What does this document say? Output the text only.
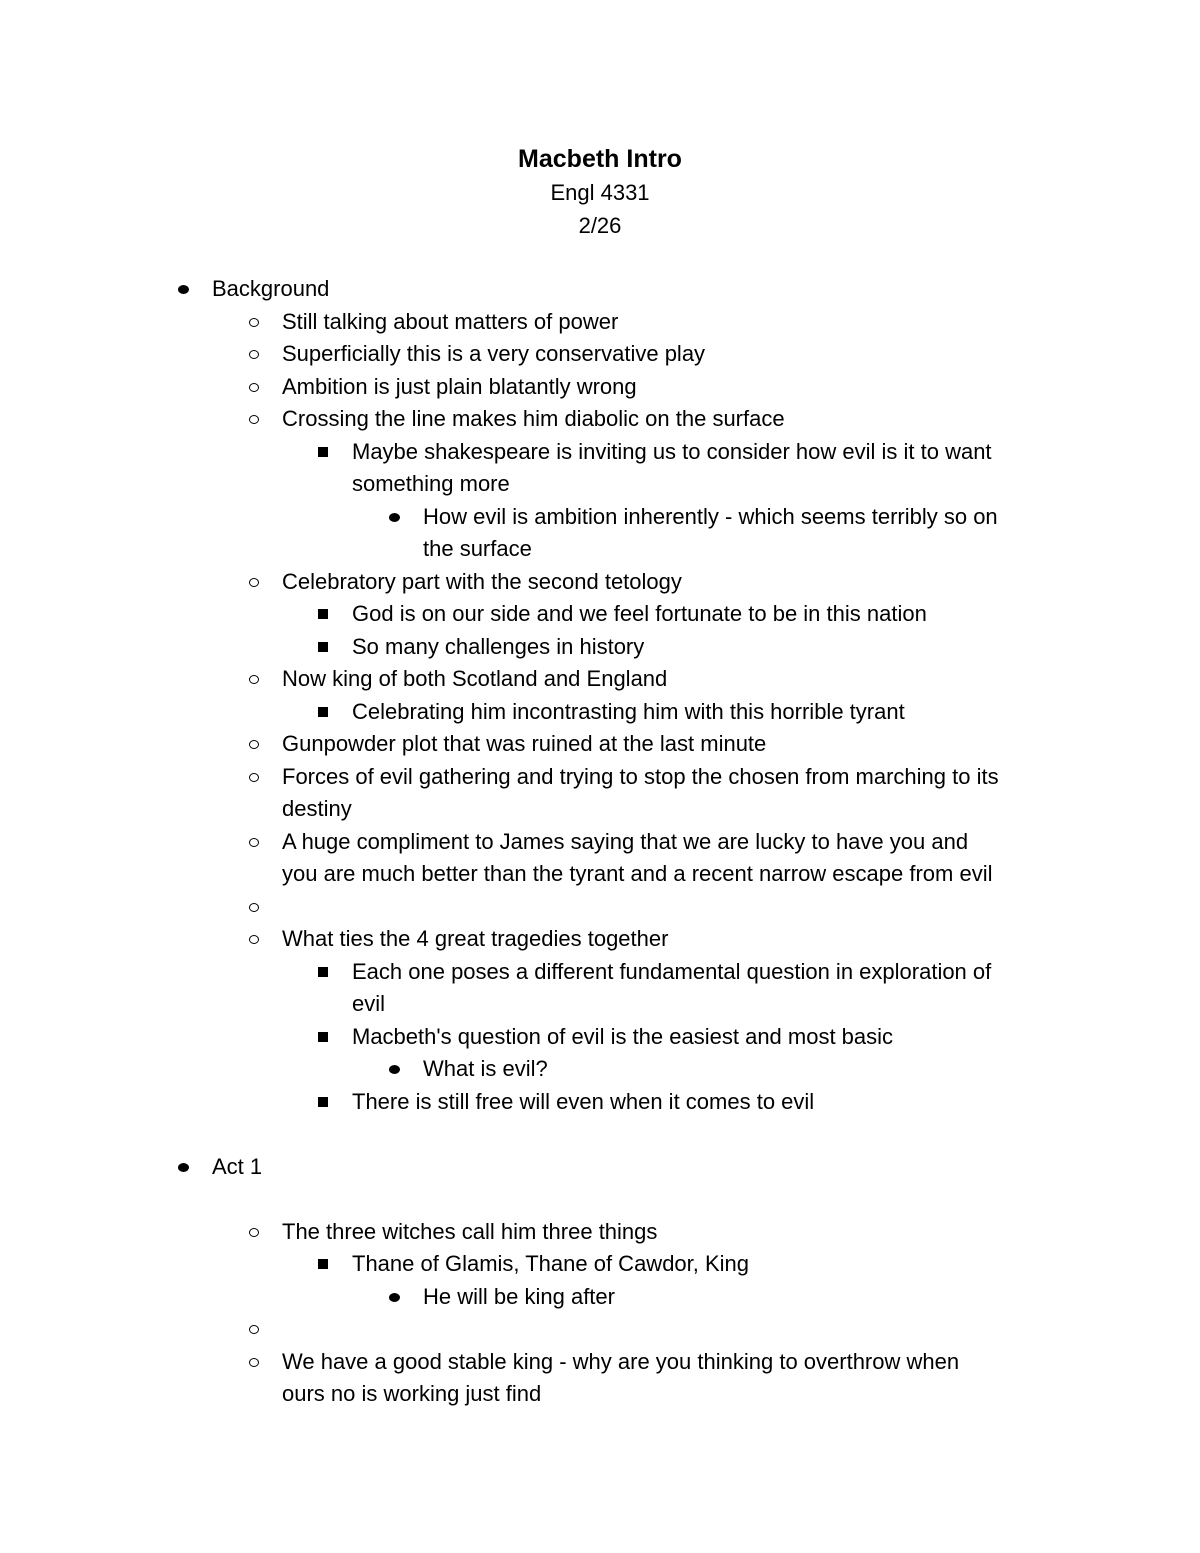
Macbeth Intro
Engl 4331
2/26
Background
Still talking about matters of power
Superficially this is a very conservative play
Ambition is just plain blatantly wrong
Crossing the line makes him diabolic on the surface
Maybe shakespeare is inviting us to consider how evil is it to want
something more
How evil is ambition inherently - which seems terribly so on
the surface
Celebratory part with the second tetology
God is on our side and we feel fortunate to be in this nation
So many challenges in history
Now king of both Scotland and England
Celebrating him incontrasting him with this horrible tyrant
Gunpowder plot that was ruined at the last minute
Forces of evil gathering and trying to stop the chosen from marching to its
destiny
A huge compliment to James saying that we are lucky to have you and
you are much better than the tyrant and a recent narrow escape from evil
What ties the 4 great tragedies together
Each one poses a different fundamental question in exploration of
evil
Macbeth's question of evil is the easiest and most basic
What is evil?
There is still free will even when it comes to evil
Act 1
The three witches call him three things
Thane of Glamis, Thane of Cawdor, King
He will be king after
We have a good stable king - why are you thinking to overthrow when
ours no is working just find
